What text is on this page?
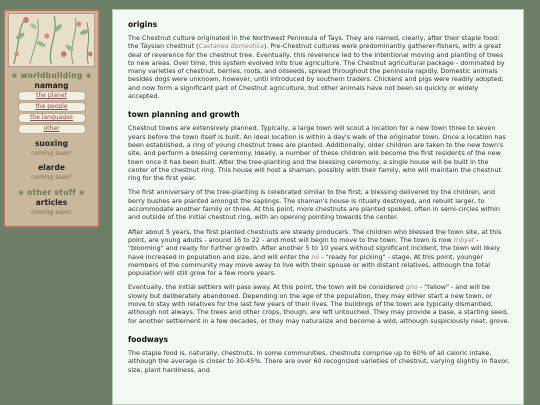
❀ worldbuilding ❀
namang
the planet
the people
the languages
other
suoxing
coming soon!
elarde
coming soon!
❀ other stuff ❀
articles
coming soon!
origins

The Chestnut culture originated in the Northwest Peninsula of Tays. They are named, clearly, after their staple food: the Taysian chestnut (Castanea domestica). Pre-Chestnut cultures were predominantly gatherer-fishers, with a great deal of reverence for the chestnut tree. Eventually, this reverence led to the intentional moving and planting of trees to new areas. Over time, this system evolved into true agriculture. The Chestnut agricultural package - dominated by many varieties of chestnut, berries, roots, and oilseeds, spread throughout the peninsula rapidly. Domestic animals besides dogs were unknown, however, until introduced by southern traders. Chickens and pigs were readily adopted, and now form a significant part of Chestnut agriculture, but other animals have not been so quickly or widely accepted.

town planning and growth

Chestnut towns are extensively planned. Typically, a large town will scout a location for a new town three to seven years before the town itself is built. An ideal location is within a day's walk of the originator town. Once a location has been established, a ring of young chestnut trees are planted. Additionally, older children are taken to the new town's site, and perform a blessing ceremony. Ideally, a number of these children will become the first residents of the new town once it has been built. After the tree-planting and the blessing ceremony, a single house will be built in the center of the chestnut ring. This house will host a shaman, possibly with their family, who will maintain the chestnut ring for the first year.

The first anniversary of the tree-planting is celebrated similar to the first; a blessing delivered by the children, and berry bushes are planted amongst the saplings. The shaman's house is ritually destroyed, and rebuilt larger, to accommodate another family or three. At this point, more chestnuts are planted spoked, often in semi-circles within and outside of the initial chestnut ring, with an opening pointing towards the center.

After about 5 years, the first planted chestnuts are steady producers. The children who blessed the town site, at this point, are young adults - around 16 to 22 - and most will begin to move to the town. The town is now mbyat - "blooming" and ready for further growth. After another 5 to 10 years without significant incident, the town will likely have increased in population and size, and will enter the nó - "ready for picking" - stage. At this point, younger members of the community may move away to live with their spouse or with distant relatives, although the total population will still grow for a few more years.

Eventually, the initial settlers will pass away. At this point, the town will be considered gho - "fallow" - and will be slowly but deliberately abandoned. Depending on the age of the population, they may either start a new town, or move to stay with relatives for the last few years of their lives. The buildings of the town are typically dismantled, although not always. The trees and other crops, though, are left untouched. They may provide a base, a starting seed, for another settlement in a few decades, or they may naturalize and become a wild, although suspiciously neat, grove.

foodways

The staple food is, naturally, chestnuts. In some communities, chestnuts comprise up to 60% of all caloric intake, although the average is closer to 30-45%. There are over 60 recognized varieties of chestnut, varying slightly in flavor, size, plant hardiness, and
